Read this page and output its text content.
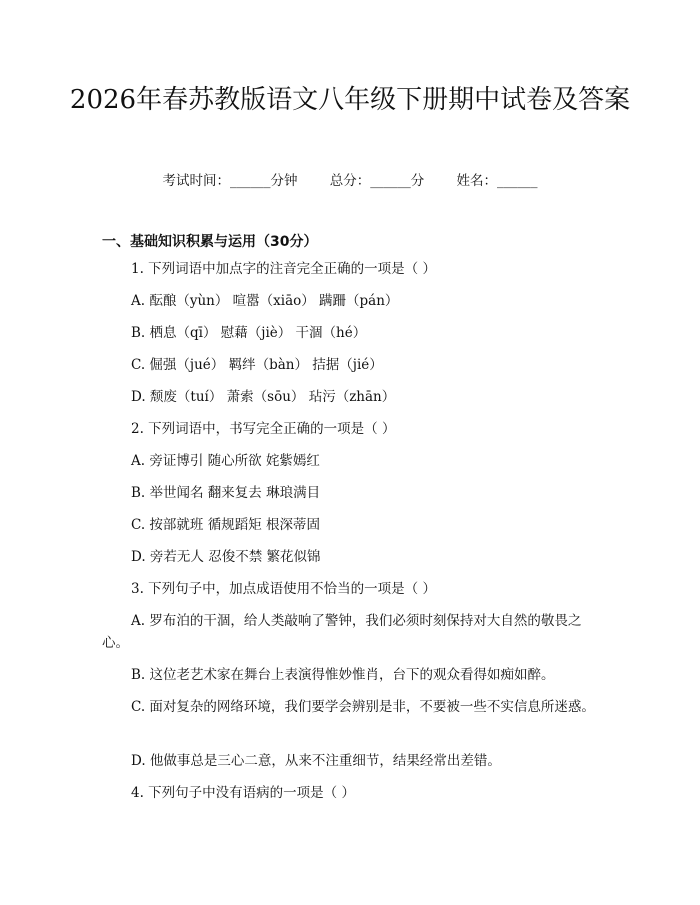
2026年春苏教版语文八年级下册期中试卷及答案
考试时间：______分钟 总分：______分 姓名：______
一、基础知识积累与运用（30分）
1. 下列词语中加点字的注音完全正确的一项是（ ）
A. 酝酿（yùn） 喧嚣（xiāo） 蹒跚（pán）
B. 栖息（qī） 慰藉（jiè） 干涸（hé）
C. 倔强（jué） 羁绊（bàn） 拮据（jié）
D. 颓废（tuí） 萧索（sōu） 玷污（zhān）
2. 下列词语中，书写完全正确的一项是（ ）
A. 旁证博引 随心所欲 姹紫嫣红
B. 举世闻名 翻来复去 琳琅满目
C. 按部就班 循规蹈矩 根深蒂固
D. 旁若无人 忍俊不禁 繁花似锦
3. 下列句子中，加点成语使用不恰当的一项是（ ）
A. 罗布泊的干涸，给人类敲响了警钟，我们必须时刻保持对大自然的敬畏之心。
B. 这位老艺术家在舞台上表演得惟妙惟肖，台下的观众看得如痴如醉。
C. 面对复杂的网络环境，我们要学会辨别是非，不要被一些不实信息所迷惑。
D. 他做事总是三心二意，从来不注重细节，结果经常出差错。
4. 下列句子中没有语病的一项是（ ）
